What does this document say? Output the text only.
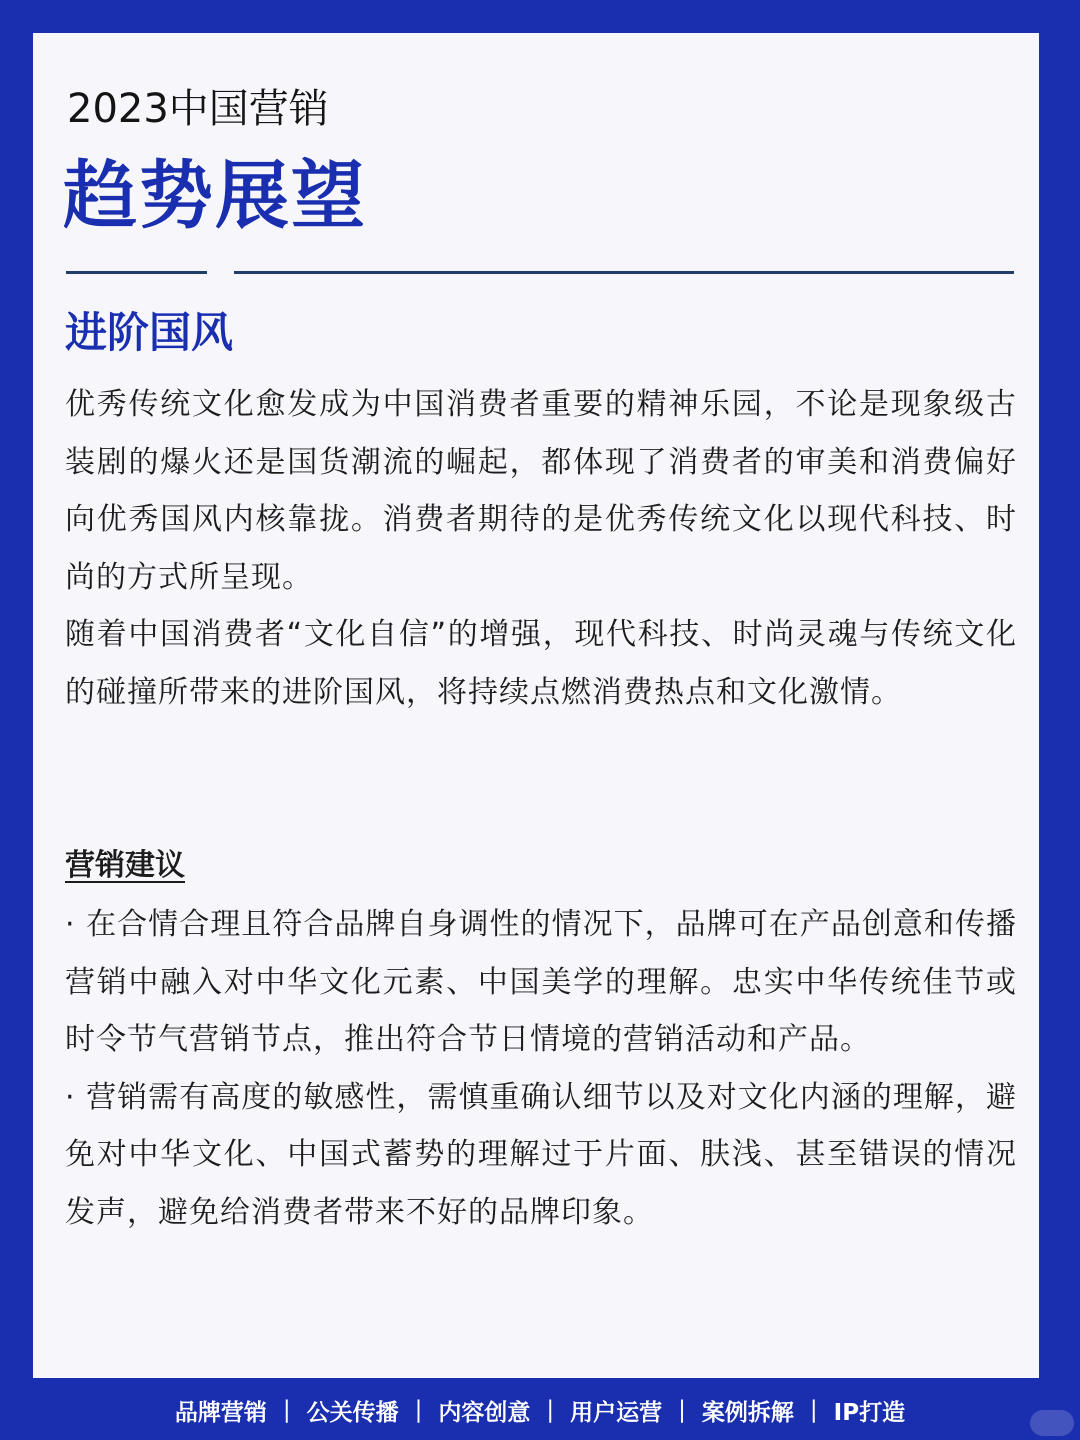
2023中国营销
趋势展望
进阶国风

优秀传统文化愈发成为中国消费者重要的精神乐园，不论是现象级古装剧的爆火还是国货潮流的崛起，都体现了消费者的审美和消费偏好向优秀国风内核靠拢。消费者期待的是优秀传统文化以现代科技、时尚的方式所呈现。

随着中国消费者“文化自信”的增强，现代科技、时尚灵魂与传统文化的碰撞所带来的进阶国风，将持续点燃消费热点和文化激情。

营销建议

· 在合情合理且符合品牌自身调性的情况下，品牌可在产品创意和传播营销中融入对中华文化元素、中国美学的理解。忠实中华传统佳节或时令节气营销节点，推出符合节日情境的营销活动和产品。

· 营销需有高度的敏感性，需慎重确认细节以及对文化内涵的理解，避免对中华文化、中国式蓄势的理解过于片面、肤浅、甚至错误的情况发声，避免给消费者带来不好的品牌印象。

品牌营销 | 公关传播 | 内容创意 | 用户运营 | 案例拆解 | IP打造
